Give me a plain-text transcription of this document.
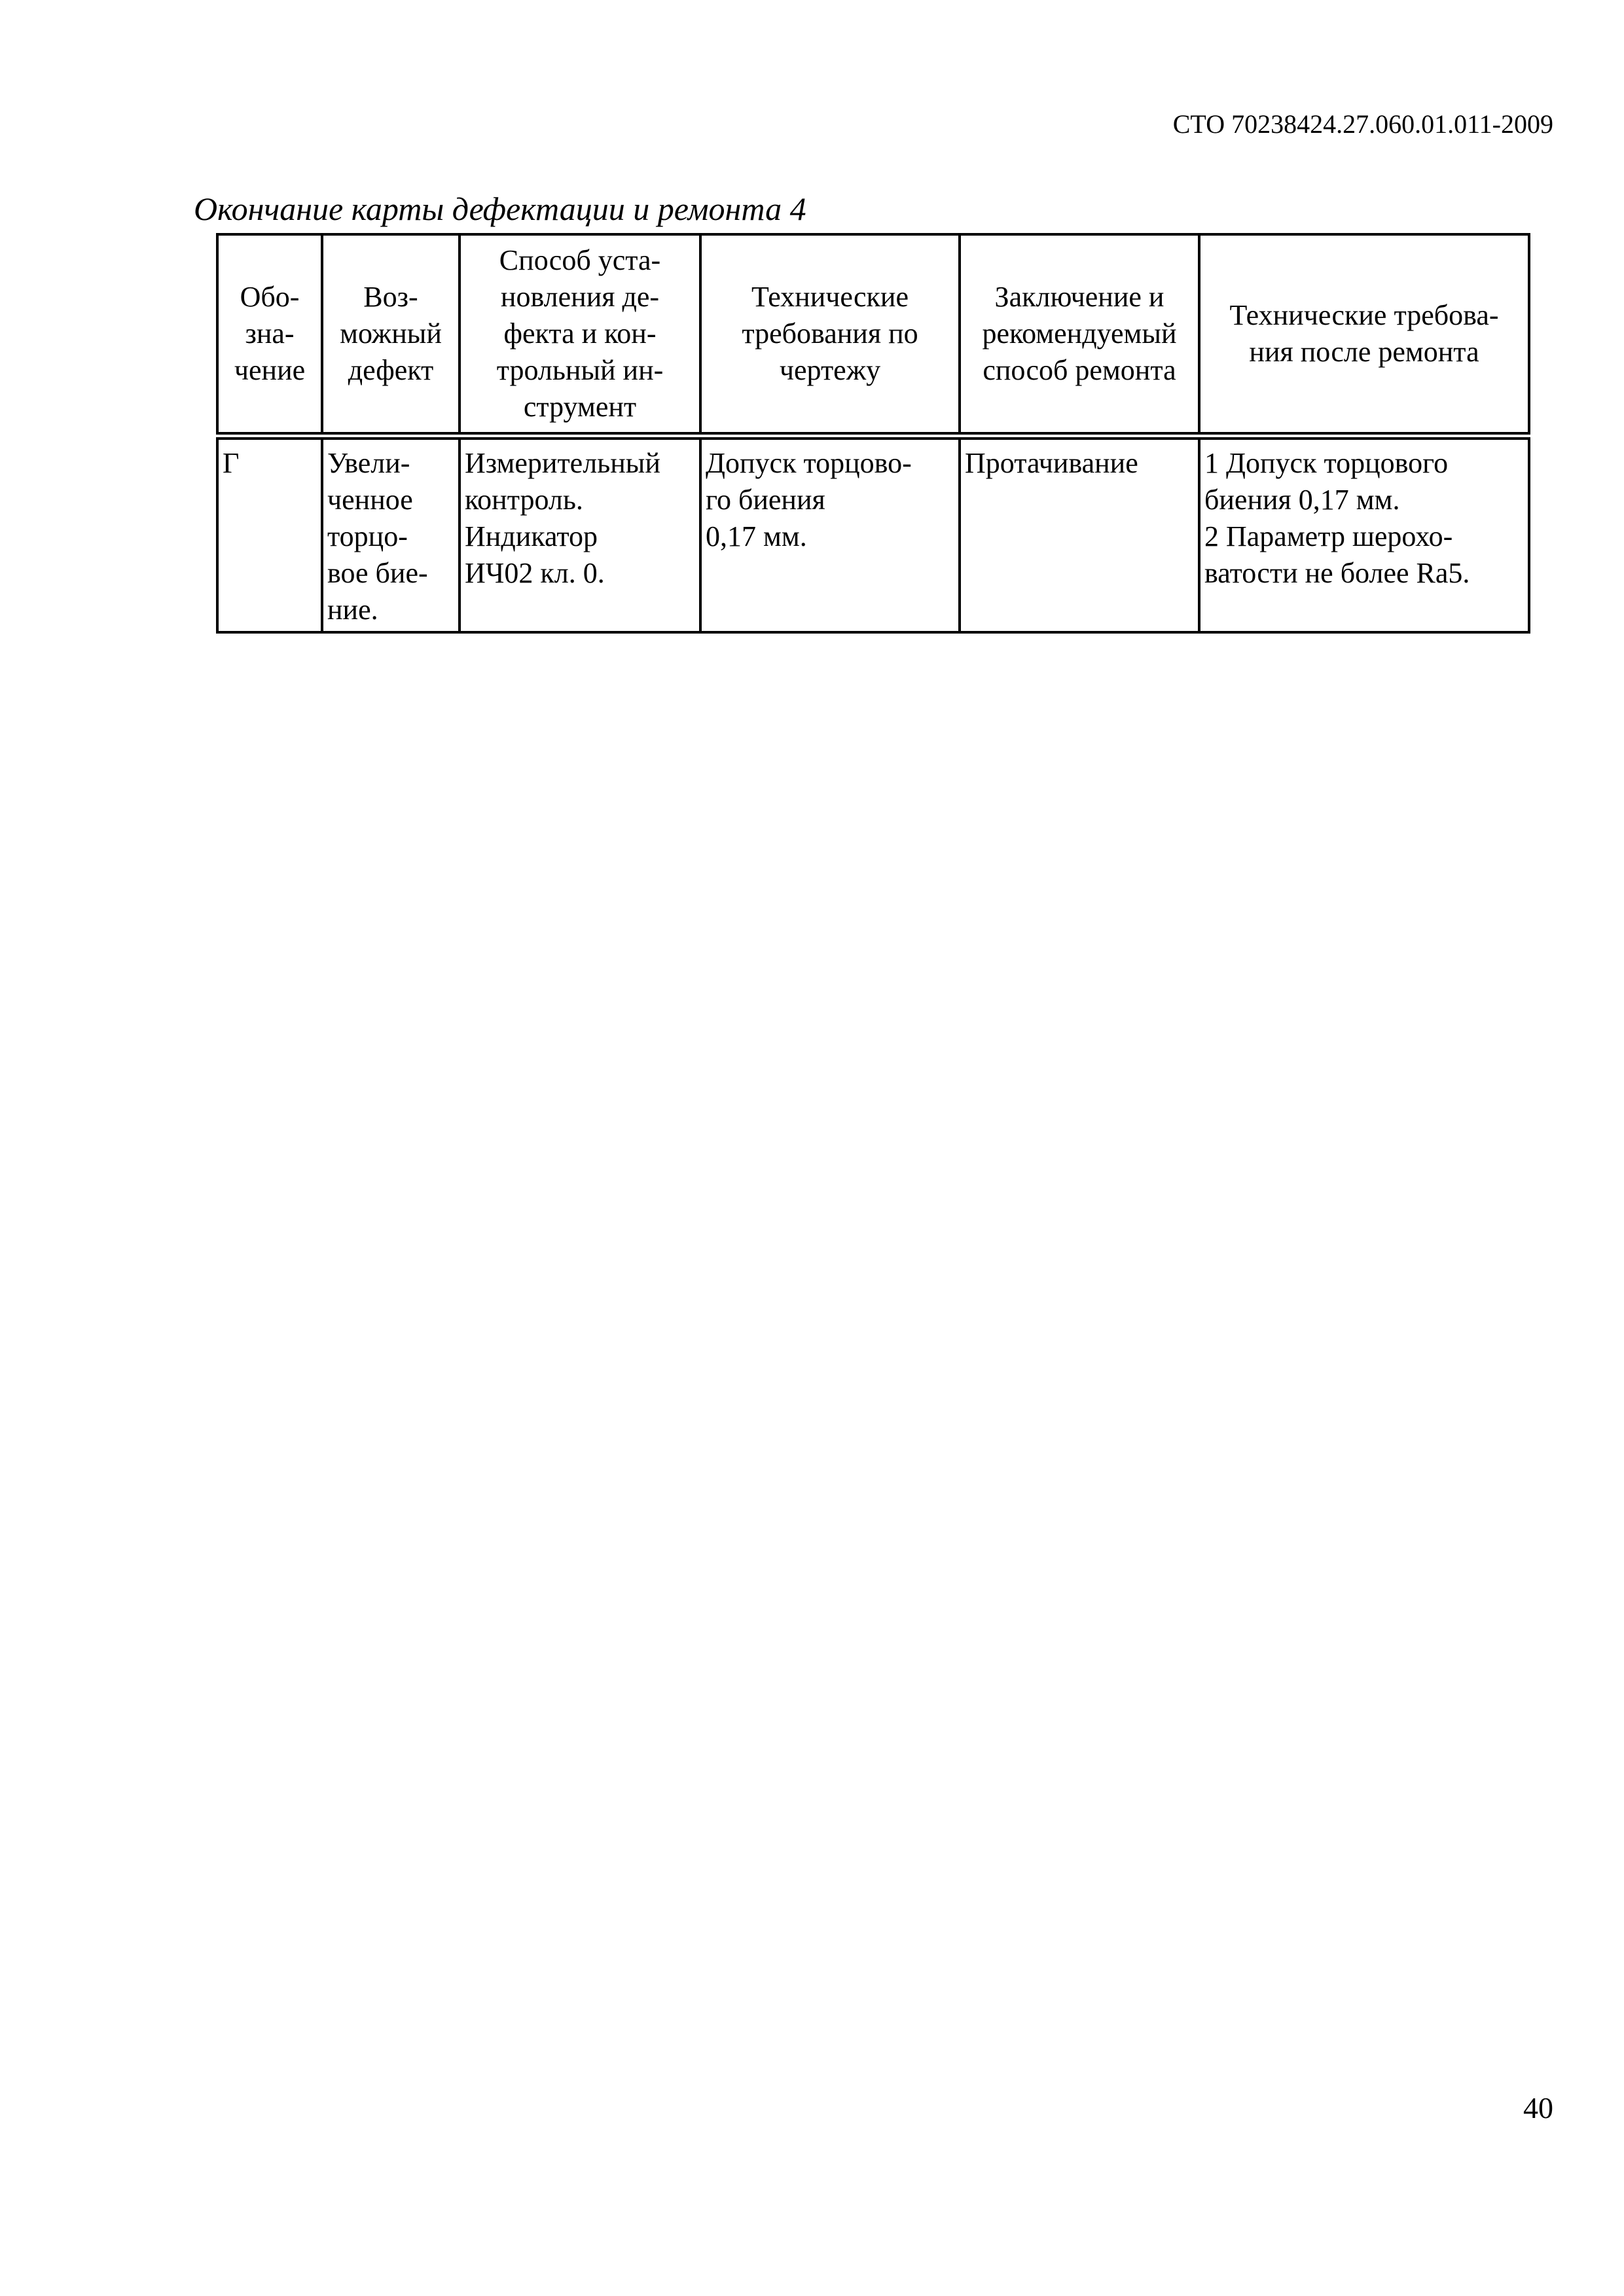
СТО 70238424.27.060.01.011-2009
Окончание карты дефектации и ремонта 4
Обо-
зна-
чение	Воз-
можный
дефект	Способ уста-
новления де-
фекта и кон-
трольный ин-
струмент	Технические
требования по
чертежу	Заключение и
рекомендуемый
способ ремонта	Технические требова-
ния после ремонта

Г	Увели-
ченное
торцо-
вое бие-
ние.	Измерительный
контроль.
Индикатор
ИЧ02 кл. 0.	Допуск торцово-
го биения
0,17 мм.	Протачивание	1 Допуск торцового
биения 0,17 мм.
2 Параметр шерохо-
ватости не более Ra5.
40
